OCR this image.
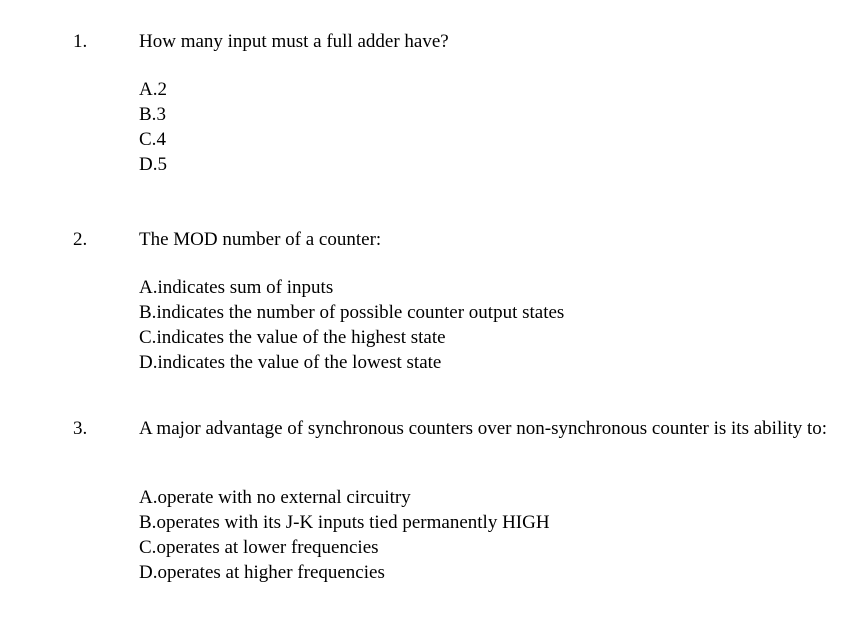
1.	How many input must a full adder have?
A.2
B.3
C.4
D.5
2.	The MOD number of a counter:
A.indicates sum of inputs
B.indicates the number of possible counter output states
C.indicates the value of the highest state
D.indicates the value of the lowest state
3.	A major advantage of synchronous counters over non-synchronous counter is its ability to:
A.operate with no external circuitry
B.operates with its J-K inputs tied permanently HIGH
C.operates at lower frequencies
D.operates at higher frequencies
